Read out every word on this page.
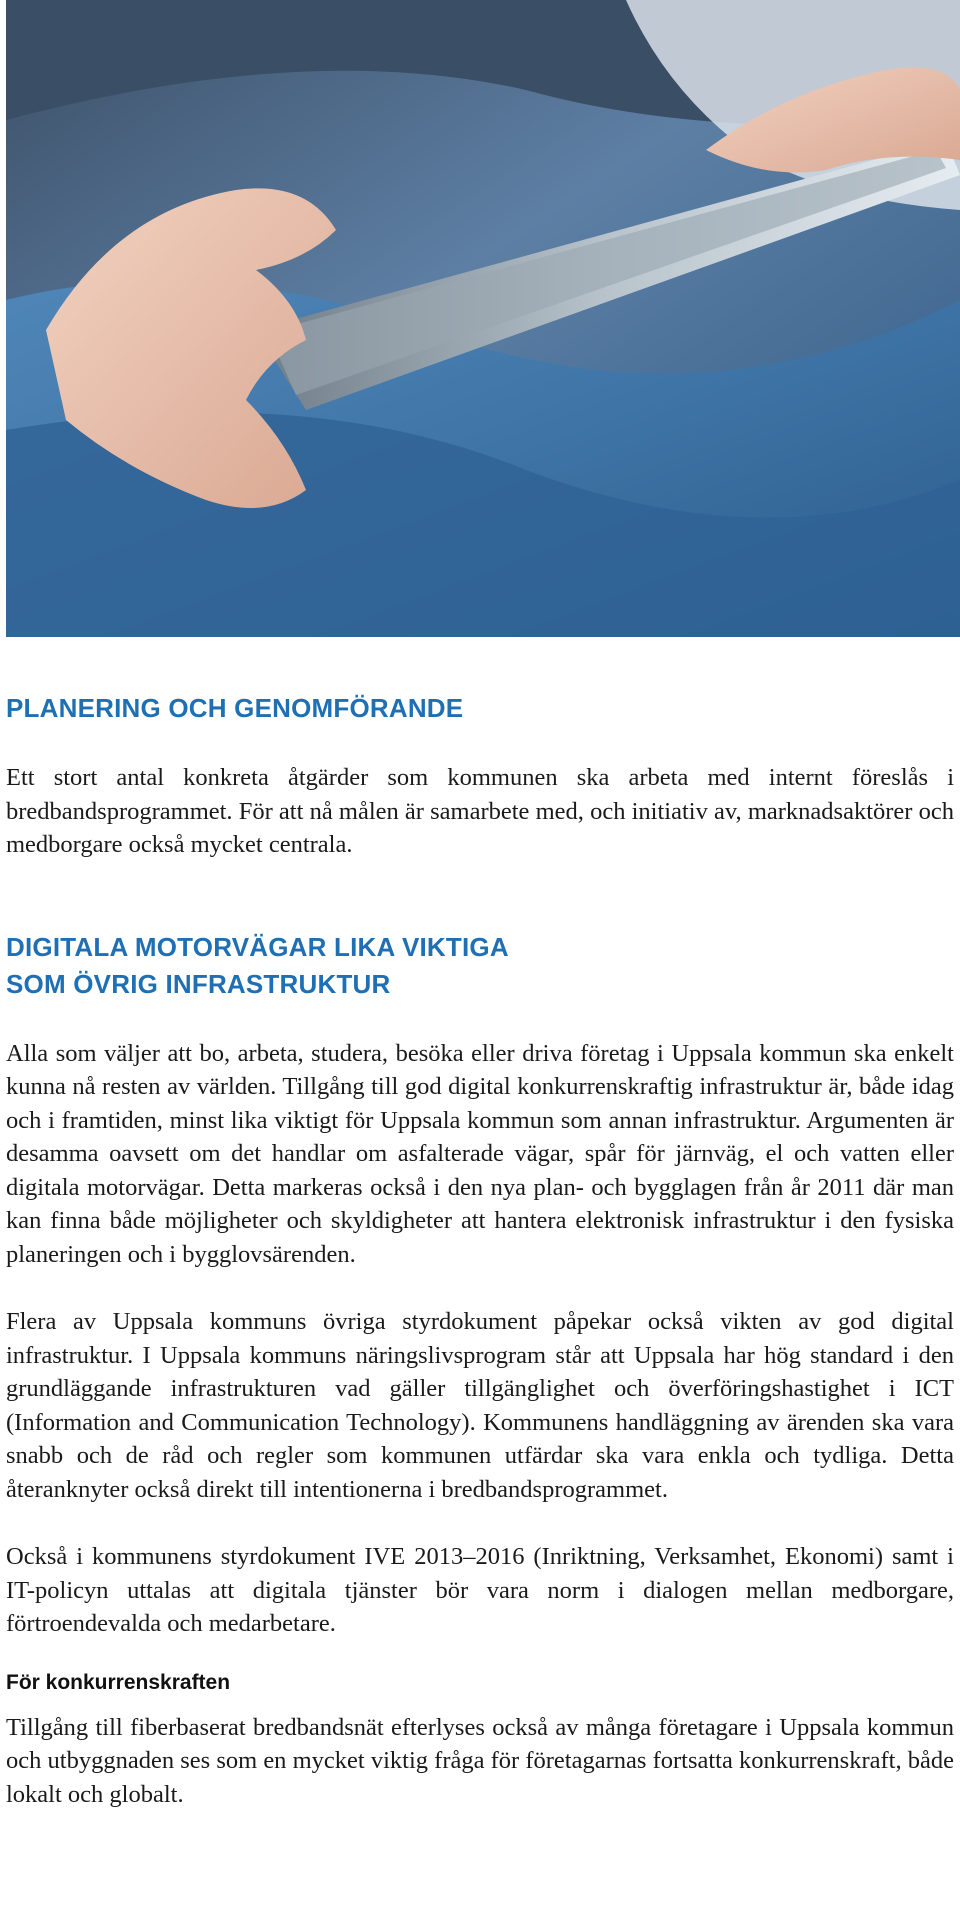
PLANERING OCH GENOMFÖRANDE

Ett stort antal konkreta åtgärder som kommunen ska arbeta med internt föreslås i bredbandsprogrammet. För att nå målen är samarbete med, och initiativ av, marknadsaktörer och medborgare också mycket centrala.

DIGITALA MOTORVÄGAR LIKA VIKTIGA
SOM ÖVRIG INFRASTRUKTUR

Alla som väljer att bo, arbeta, studera, besöka eller driva företag i Uppsala kommun ska enkelt kunna nå resten av världen. Tillgång till god digital konkurrenskraftig infrastruktur är, både idag och i framtiden, minst lika viktigt för Uppsala kommun som annan infrastruktur. Argumenten är desamma oavsett om det handlar om asfalterade vägar, spår för järnväg, el och vatten eller digitala motorvägar. Detta markeras också i den nya plan- och bygglagen från år 2011 där man kan finna både möjligheter och skyldigheter att hantera elektronisk infrastruktur i den fysiska planeringen och i bygglovsärenden.

Flera av Uppsala kommuns övriga styrdokument påpekar också vikten av god digital infrastruktur. I Uppsala kommuns näringslivsprogram står att Uppsala har hög standard i den grundläggande infrastrukturen vad gäller tillgänglighet och överföringshastighet i ICT (Information and Communication Technology). Kommunens handläggning av ärenden ska vara snabb och de råd och regler som kommunen utfärdar ska vara enkla och tydliga. Detta återanknyter också direkt till intentionerna i bredbandsprogrammet.

Också i kommunens styrdokument IVE 2013–2016 (Inriktning, Verksamhet, Ekonomi) samt i IT-policyn uttalas att digitala tjänster bör vara norm i dialogen mellan medborgare, förtroendevalda och medarbetare.

För konkurrenskraften

Tillgång till fiberbaserat bredbandsnät efterlyses också av många företagare i Uppsala kommun och utbyggnaden ses som en mycket viktig fråga för företagarnas fortsatta konkurrenskraft, både lokalt och globalt.
